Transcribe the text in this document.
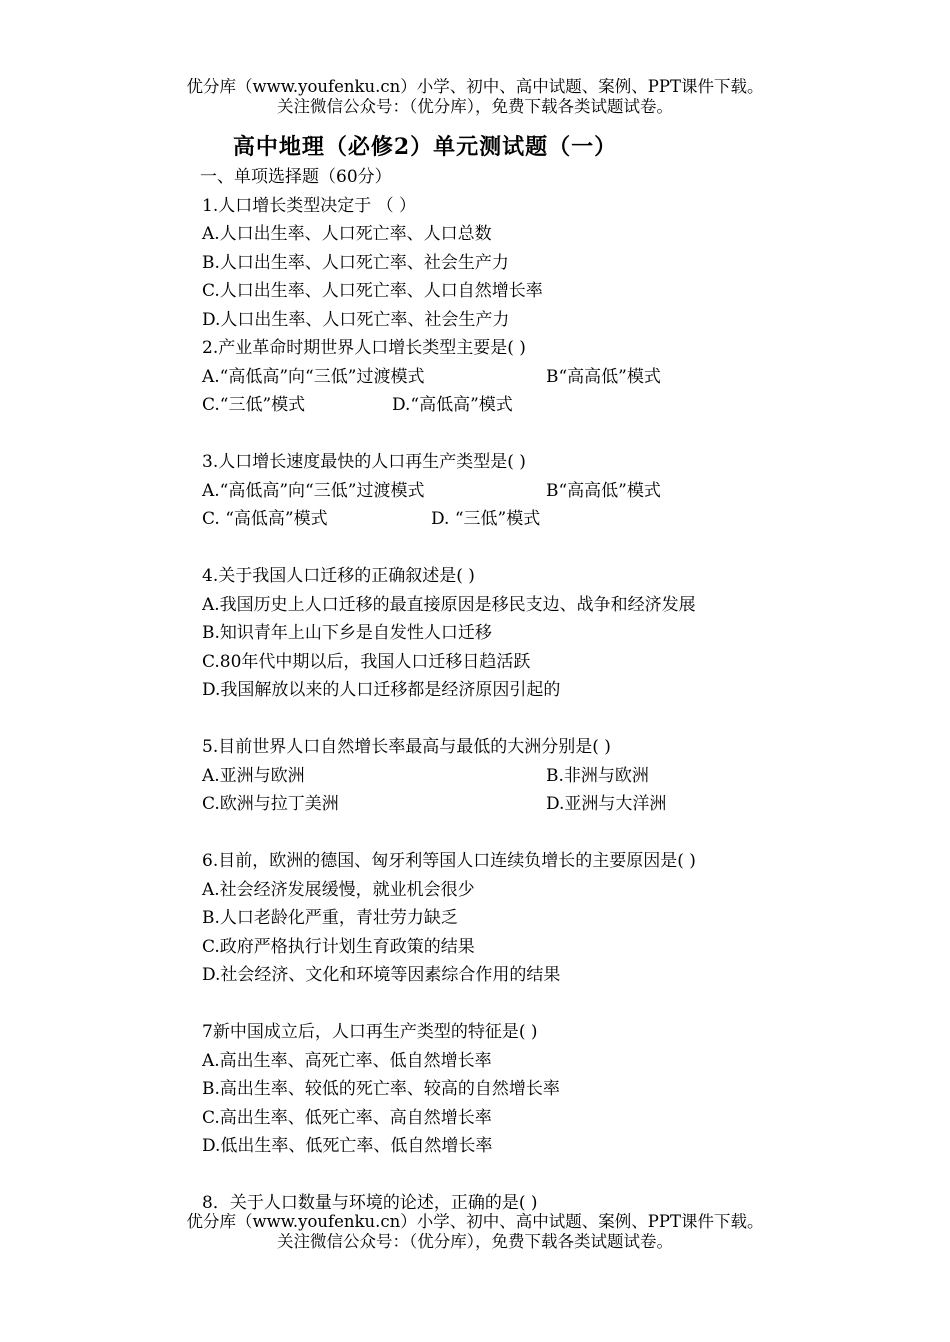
优分库（www.youfenku.cn）小学、初中、高中试题、案例、PPT课件下载。
关注微信公众号：（优分库），免费下载各类试题试卷。
高中地理（必修2）单元测试题（一）
一、单项选择题（60分）
1.人口增长类型决定于 （ ）
A.人口出生率、人口死亡率、人口总数
B.人口出生率、人口死亡率、社会生产力
C.人口出生率、人口死亡率、人口自然增长率
D.人口出生率、人口死亡率、社会生产力
2.产业革命时期世界人口增长类型主要是( )
A.“高低高”向“三低”过渡模式	B“高高低”模式
C.“三低”模式	D.“高低高”模式
3.人口增长速度最快的人口再生产类型是( )
A.“高低高”向“三低”过渡模式	B“高高低”模式
C. “高低高”模式	D. “三低”模式
4.关于我国人口迁移的正确叙述是( )
A.我国历史上人口迁移的最直接原因是移民支边、战争和经济发展
B.知识青年上山下乡是自发性人口迁移
C.80年代中期以后，我国人口迁移日趋活跃
D.我国解放以来的人口迁移都是经济原因引起的
5.目前世界人口自然增长率最高与最低的大洲分别是( )
A.亚洲与欧洲	B.非洲与欧洲
C.欧洲与拉丁美洲	D.亚洲与大洋洲
6.目前，欧洲的德国、匈牙利等国人口连续负增长的主要原因是( )
A.社会经济发展缓慢，就业机会很少
B.人口老龄化严重，青壮劳力缺乏
C.政府严格执行计划生育政策的结果
D.社会经济、文化和环境等因素综合作用的结果
7新中国成立后，人口再生产类型的特征是( )
A.高出生率、高死亡率、低自然增长率
B.高出生率、较低的死亡率、较高的自然增长率
C.高出生率、低死亡率、高自然增长率
D.低出生率、低死亡率、低自然增长率
8．关于人口数量与环境的论述，正确的是( )
优分库（www.youfenku.cn）小学、初中、高中试题、案例、PPT课件下载。
关注微信公众号：（优分库），免费下载各类试题试卷。
